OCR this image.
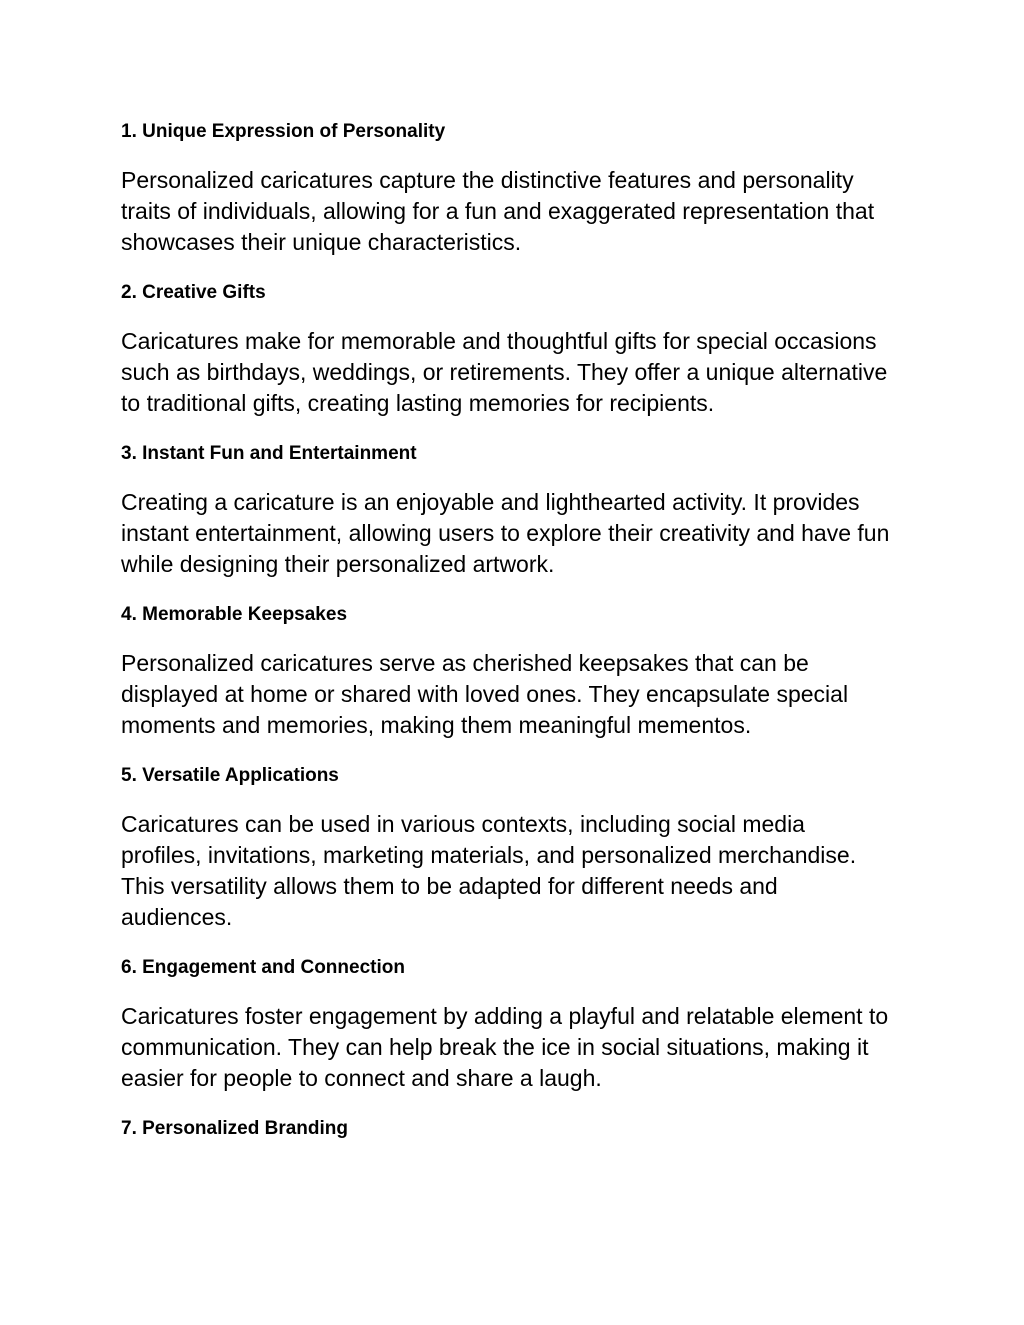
1. Unique Expression of Personality
Personalized caricatures capture the distinctive features and personality
traits of individuals, allowing for a fun and exaggerated representation that
showcases their unique characteristics.
2. Creative Gifts
Caricatures make for memorable and thoughtful gifts for special occasions
such as birthdays, weddings, or retirements. They offer a unique alternative
to traditional gifts, creating lasting memories for recipients.
3. Instant Fun and Entertainment
Creating a caricature is an enjoyable and lighthearted activity. It provides
instant entertainment, allowing users to explore their creativity and have fun
while designing their personalized artwork.
4. Memorable Keepsakes
Personalized caricatures serve as cherished keepsakes that can be
displayed at home or shared with loved ones. They encapsulate special
moments and memories, making them meaningful mementos.
5. Versatile Applications
Caricatures can be used in various contexts, including social media
profiles, invitations, marketing materials, and personalized merchandise.
This versatility allows them to be adapted for different needs and
audiences.
6. Engagement and Connection
Caricatures foster engagement by adding a playful and relatable element to
communication. They can help break the ice in social situations, making it
easier for people to connect and share a laugh.
7. Personalized Branding
